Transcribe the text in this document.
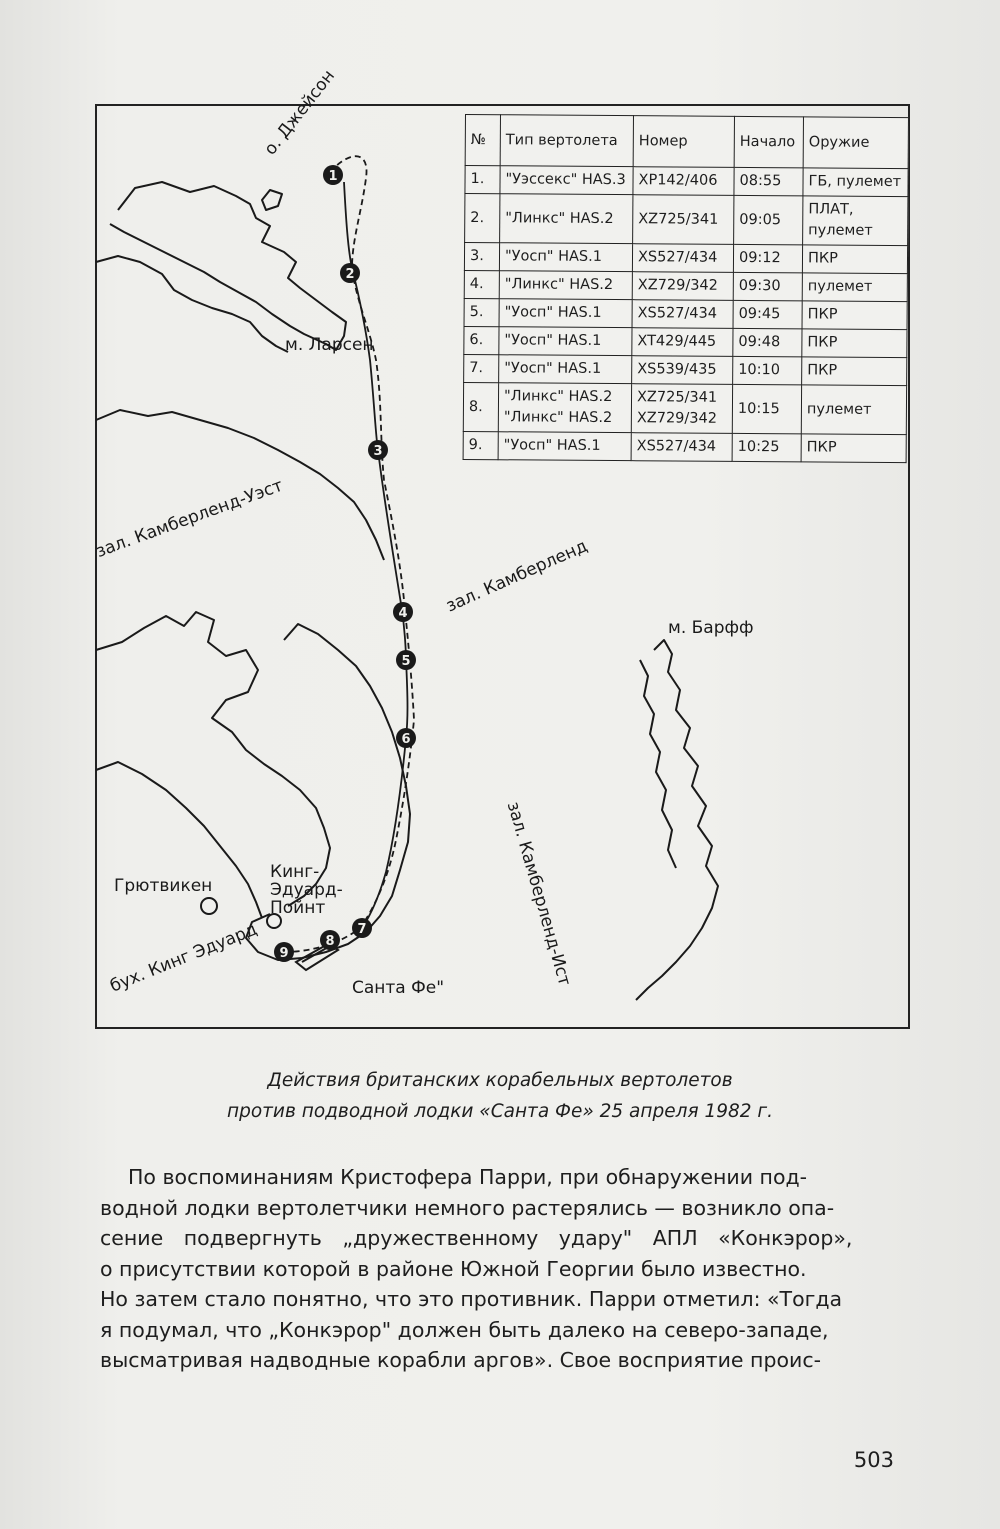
1
2
3
4
5
6
7
8
9
о. Джейсон
м. Ларсен
зал. Камберленд-Уэст
зал. Камберленд
м. Барфф
зал. Камберленд-Ист
Грютвикен
Кинг-
Эдуард-
Пойнт
бух. Кинг Эдуард	Санта Фе"
№	Тип вертолета	Номер	Начало	Оружие
1.	"Уэссекс" HAS.3	XP142/406	08:55	ГБ, пулемет
2.	"Линкс" HAS.2	XZ725/341	09:05	ПЛАТ, пулемет
3.	"Уосп" HAS.1	XS527/434	09:12	ПКР
4.	"Линкс" HAS.2	XZ729/342	09:30	пулемет
5.	"Уосп" HAS.1	XS527/434	09:45	ПКР
6.	"Уосп" HAS.1	XT429/445	09:48	ПКР
7.	"Уосп" HAS.1	XS539/435	10:10	ПКР
8.	"Линкс" HAS.2 "Линкс" HAS.2	XZ725/341 XZ729/342	10:15	пулемет
9.	"Уосп" HAS.1	XS527/434	10:25	ПКР
Действия британских корабельных вертолетов
против подводной лодки «Санта Фе» 25 апреля 1982 г.
По воспоминаниям Кристофера Парри, при обнаружении под-
водной лодки вертолетчики немного растерялись — возникло опа-
сение подвергнуть „дружественному удару" АПЛ «Конкэрор»,
о присутствии которой в районе Южной Георгии было известно.
Но затем стало понятно, что это противник. Парри отметил: «Тогда
я подумал, что „Конкэрор" должен быть далеко на северо-западе,
высматривая надводные корабли аргов». Свое восприятие проис-
503
